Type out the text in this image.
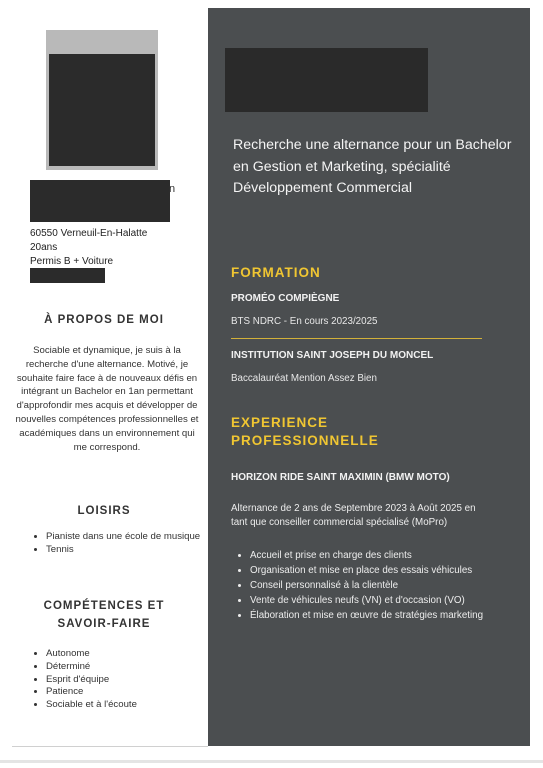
n
60550 Verneuil-En-Halatte
20ans
Permis B + Voiture
À PROPOS DE MOI
Sociable et dynamique, je suis à la recherche d'une alternance. Motivé, je souhaite faire face à de nouveaux défis en intégrant un Bachelor en 1an permettant d'approfondir mes acquis et développer de nouvelles compétences professionnelles et académiques dans un environnement qui me correspond.
LOISIRS
• Pianiste dans une école de musique
• Tennis
COMPÉTENCES ET
SAVOIR-FAIRE
• Autonome
• Déterminé
• Esprit d'équipe
• Patience
• Sociable et à l'écoute
Recherche une alternance pour un Bachelor en Gestion et Marketing, spécialité Développement Commercial
FORMATION
PROMÉO COMPIÈGNE
BTS NDRC - En cours 2023/2025
INSTITUTION SAINT JOSEPH DU MONCEL
Baccalauréat Mention Assez Bien
EXPERIENCE
PROFESSIONNELLE
HORIZON RIDE SAINT MAXIMIN (BMW MOTO)
Alternance de 2 ans de Septembre 2023 à Août 2025 en tant que conseiller commercial spécialisé (MoPro)
• Accueil et prise en charge des clients
• Organisation et mise en place des essais véhicules
• Conseil personnalisé à la clientèle
• Vente de véhicules neufs (VN) et d'occasion (VO)
• Élaboration et mise en œuvre de stratégies marketing
